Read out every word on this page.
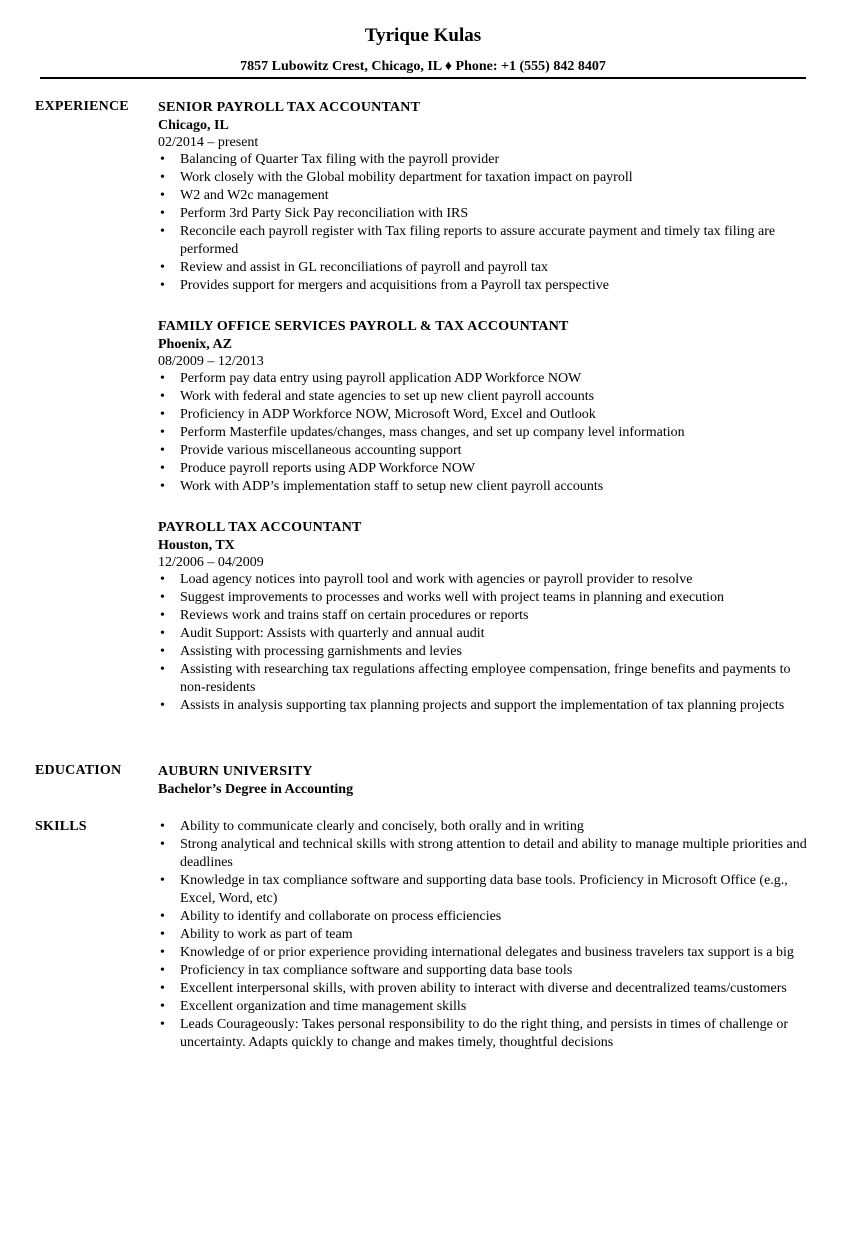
Tyrique Kulas
7857 Lubowitz Crest, Chicago, IL ♦ Phone: +1 (555) 842 8407
EXPERIENCE SENIOR PAYROLL TAX ACCOUNTANT
Chicago, IL
02/2014 – present
• Balancing of Quarter Tax filing with the payroll provider
• Work closely with the Global mobility department for taxation impact on payroll
• W2 and W2c management
• Perform 3rd Party Sick Pay reconciliation with IRS
• Reconcile each payroll register with Tax filing reports to assure accurate payment and timely tax filing are performed
• Review and assist in GL reconciliations of payroll and payroll tax
• Provides support for mergers and acquisitions from a Payroll tax perspective
FAMILY OFFICE SERVICES PAYROLL & TAX ACCOUNTANT
Phoenix, AZ
08/2009 – 12/2013
• Perform pay data entry using payroll application ADP Workforce NOW
• Work with federal and state agencies to set up new client payroll accounts
• Proficiency in ADP Workforce NOW, Microsoft Word, Excel and Outlook
• Perform Masterfile updates/changes, mass changes, and set up company level information
• Provide various miscellaneous accounting support
• Produce payroll reports using ADP Workforce NOW
• Work with ADP’s implementation staff to setup new client payroll accounts
PAYROLL TAX ACCOUNTANT
Houston, TX
12/2006 – 04/2009
• Load agency notices into payroll tool and work with agencies or payroll provider to resolve
• Suggest improvements to processes and works well with project teams in planning and execution
• Reviews work and trains staff on certain procedures or reports
• Audit Support: Assists with quarterly and annual audit
• Assisting with processing garnishments and levies
• Assisting with researching tax regulations affecting employee compensation, fringe benefits and payments to non-residents
• Assists in analysis supporting tax planning projects and support the implementation of tax planning projects
EDUCATION	AUBURN UNIVERSITY
Bachelor’s Degree in Accounting
SKILLS	• Ability to communicate clearly and concisely, both orally and in writing
• Strong analytical and technical skills with strong attention to detail and ability to manage multiple priorities and deadlines
• Knowledge in tax compliance software and supporting data base tools. Proficiency in Microsoft Office (e.g., Excel, Word, etc)
• Ability to identify and collaborate on process efficiencies
• Ability to work as part of team
• Knowledge of or prior experience providing international delegates and business travelers tax support is a big
• Proficiency in tax compliance software and supporting data base tools
• Excellent interpersonal skills, with proven ability to interact with diverse and decentralized teams/customers
• Excellent organization and time management skills
• Leads Courageously: Takes personal responsibility to do the right thing, and persists in times of challenge or uncertainty. Adapts quickly to change and makes timely, thoughtful decisions
